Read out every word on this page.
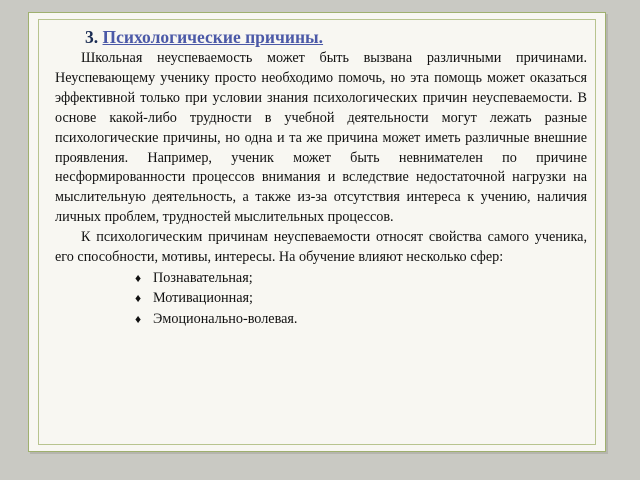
3. Психологические причины.

Школьная неуспеваемость может быть вызвана различными причинами. Неуспевающему ученику просто необходимо помочь, но эта помощь может оказаться эффективной только при условии знания психологических причин неуспеваемости. В основе какой-либо трудности в учебной деятельности могут лежать разные психологические причины, но одна и та же причина может иметь различные внешние проявления. Например, ученик может быть невнимателен по причине несформированности процессов внимания и вследствие недостаточной нагрузки на мыслительную деятельность, а также из-за отсутствия интереса к учению, наличия личных проблем, трудностей мыслительных процессов.

К психологическим причинам неуспеваемости относят свойства самого ученика, его способности, мотивы, интересы. На обучение влияют несколько сфер:

♦ Познавательная;
♦ Мотивационная;
♦ Эмоционально-волевая.
